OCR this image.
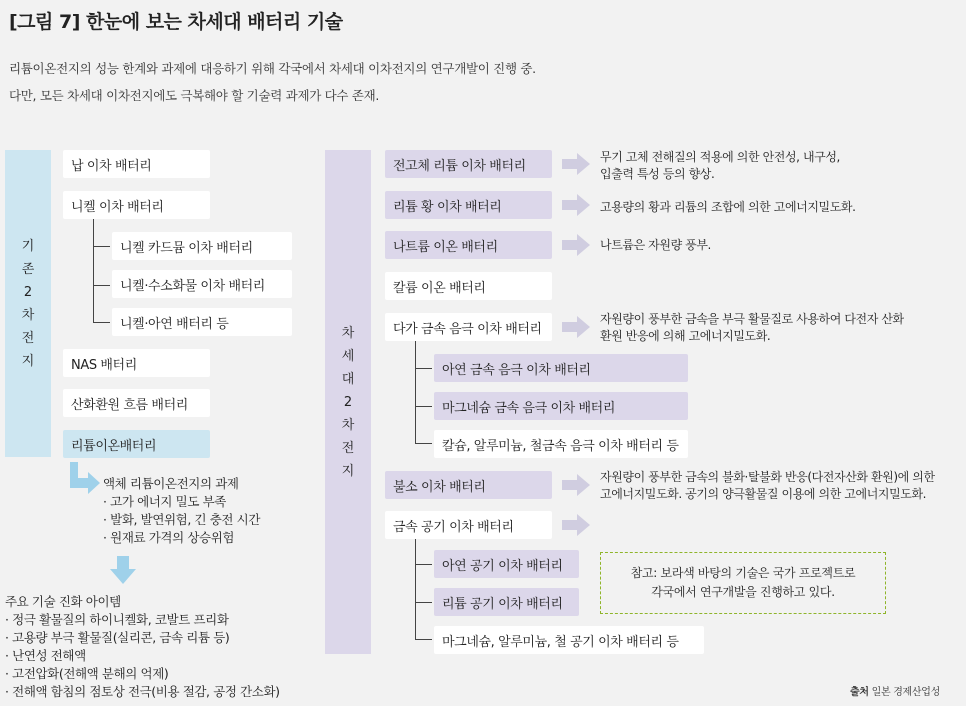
[그림 7] 한눈에 보는 차세대 배터리 기술
리튬이온전지의 성능 한계와 과제에 대응하기 위해 각국에서 차세대 이차전지의 연구개발이 진행 중.
다만, 모든 차세대 이차전지에도 극복해야 할 기술력 과제가 다수 존재.
기
존
2
차
전
지
납 이차 배터리
니켈 이차 배터리
니켈 카드뮴 이차 배터리
니켈·수소화물 이차 배터리
니켈·아연 배터리 등
NAS 배터리
산화환원 흐름 배터리
리튬이온배터리
액체 리튬이온전지의 과제
· 고가 에너지 밀도 부족
· 발화, 발연위험, 긴 충전 시간
· 원재료 가격의 상승위험
주요 기술 진화 아이템
· 정극 활물질의 하이니켈화, 코발트 프리화
· 고용량 부극 활물질(실리콘, 금속 리튬 등)
· 난연성 전해액
· 고전압화(전해액 분해의 억제)
· 전해액 함침의 점토상 전극(비용 절감, 공정 간소화)
차
세
대
2
차
전
지
전고체 리튬 이차 배터리
무기 고체 전해질의 적용에 의한 안전성, 내구성,
입출력 특성 등의 향상.
리튬 황 이차 배터리	고용량의 황과 리튬의 조합에 의한 고에너지밀도화.
나트륨 이온 배터리	나트륨은 자원량 풍부.
칼륨 이온 배터리
다가 금속 음극 이차 배터리
자원량이 풍부한 금속을 부극 활물질로 사용하여 다전자 산화
환원 반응에 의해 고에너지밀도화.
아연 금속 음극 이차 배터리
마그네슘 금속 음극 이차 배터리
칼슘, 알루미늄, 철금속 음극 이차 배터리 등
불소 이차 배터리
자원량이 풍부한 금속의 불화·탈불화 반응(다전자산화 환원)에 의한
고에너지밀도화. 공기의 양극활물질 이용에 의한 고에너지밀도화.
금속 공기 이차 배터리
아연 공기 이차 배터리
리튬 공기 이차 배터리
마그네슘, 알루미늄, 철 공기 이차 배터리 등
참고: 보라색 바탕의 기술은 국가 프로젝트로
각국에서 연구개발을 진행하고 있다.
출처 일본 경제산업성
